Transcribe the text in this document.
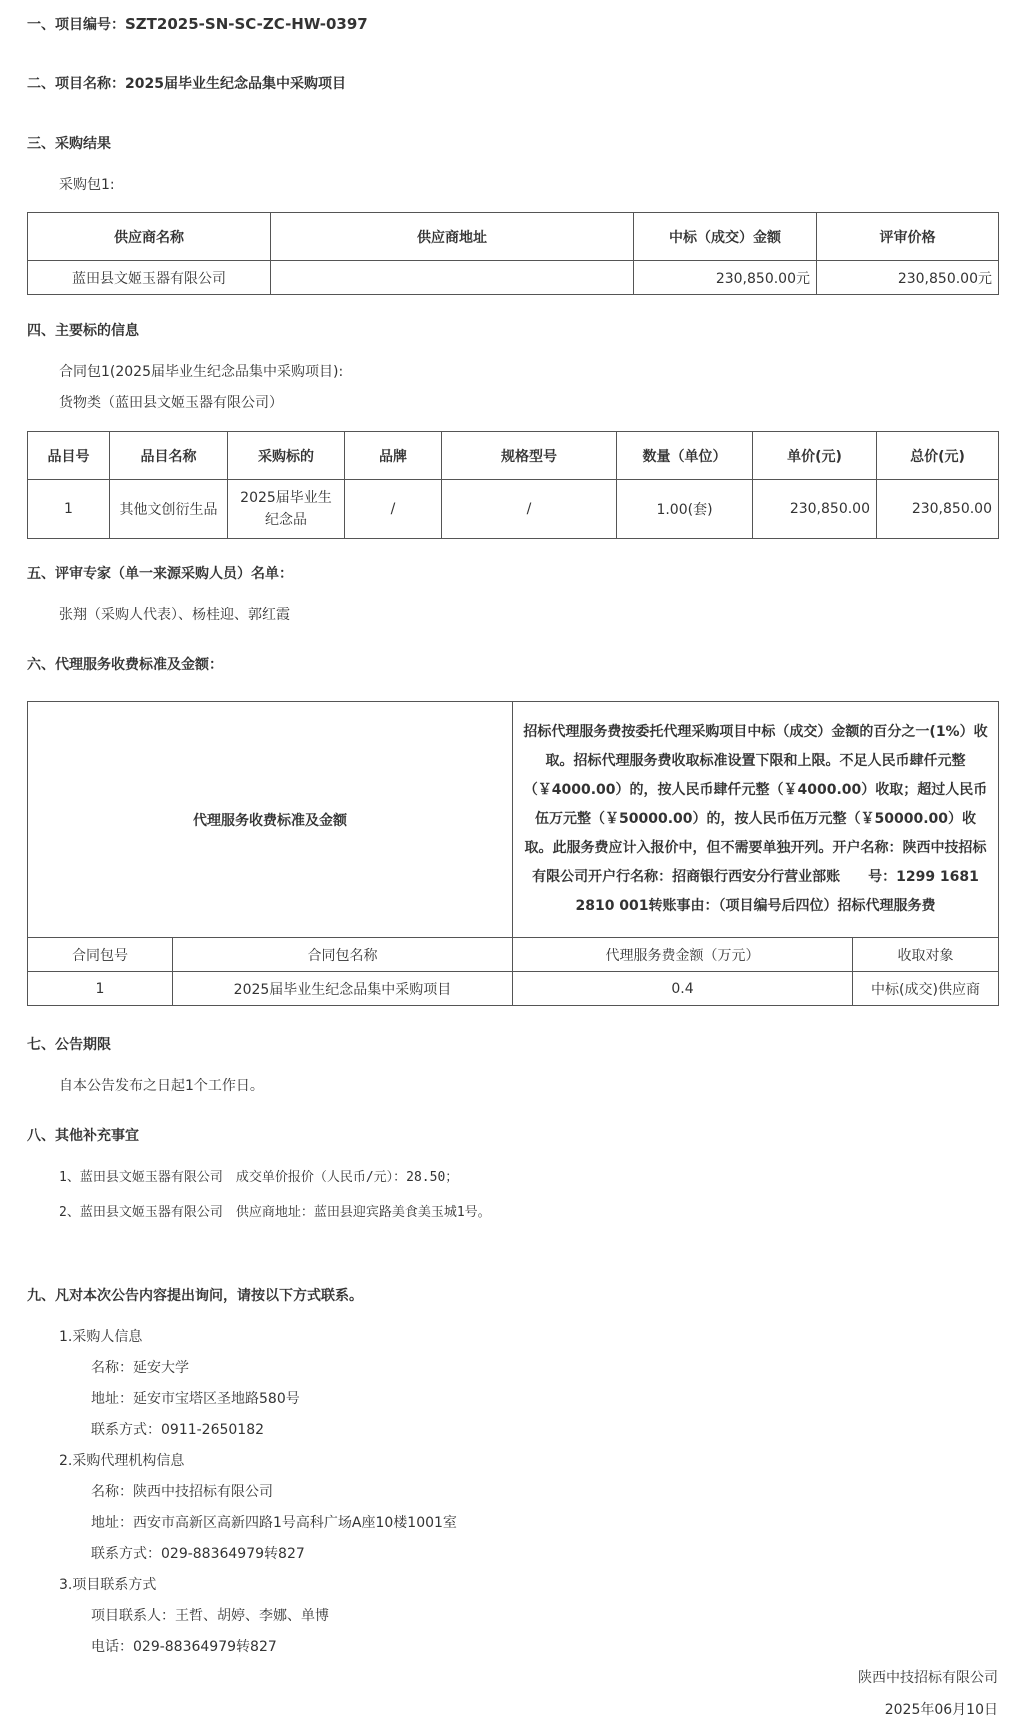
一、项目编号：SZT2025-SN-SC-ZC-HW-0397
二、项目名称：2025届毕业生纪念品集中采购项目
三、采购结果
采购包1:
供应商名称	供应商地址	中标（成交）金额	评审价格
蓝田县文姬玉器有限公司		230,850.00元	230,850.00元
四、主要标的信息
合同包1(2025届毕业生纪念品集中采购项目):
货物类（蓝田县文姬玉器有限公司）
品目号	品目名称	采购标的	品牌	规格型号	数量（单位）	单价(元)	总价(元)
1	其他文创衍生品	2025届毕业生纪念品	/	/	1.00(套)	230,850.00	230,850.00
五、评审专家（单一来源采购人员）名单：
张翔（采购人代表）、杨桂迎、郭红霞
六、代理服务收费标准及金额：
代理服务收费标准及金额		招标代理服务费按委托代理采购项目中标（成交）金额的百分之一(1%）收取。招标代理服务费收取标准设置下限和上限。不足人民币肆仟元整（￥4000.00）的，按人民币肆仟元整（￥4000.00）收取；超过人民币伍万元整（￥50000.00）的，按人民币伍万元整（￥50000.00）收取。此服务费应计入报价中，但不需要单独开列。开户名称：陕西中技招标有限公司开户行名称：招商银行西安分行营业部账　　号：1299 1681 2810 001转账事由：（项目编号后四位）招标代理服务费	
合同包号	合同包名称	代理服务费金额（万元）	收取对象
1	2025届毕业生纪念品集中采购项目	0.4	中标(成交)供应商
七、公告期限
自本公告发布之日起1个工作日。
八、其他补充事宜
1、蓝田县文姬玉器有限公司　成交单价报价（人民币/元）：28.50；
2、蓝田县文姬玉器有限公司　供应商地址：蓝田县迎宾路美食美玉城1号。
九、凡对本次公告内容提出询问，请按以下方式联系。
1.采购人信息
名称：延安大学
地址：延安市宝塔区圣地路580号
联系方式：0911-2650182
2.采购代理机构信息
名称：陕西中技招标有限公司
地址：西安市高新区高新四路1号高科广场A座10楼1001室
联系方式：029-88364979转827
3.项目联系方式
项目联系人：王哲、胡婷、李娜、单博
电话：029-88364979转827
陕西中技招标有限公司
2025年06月10日
